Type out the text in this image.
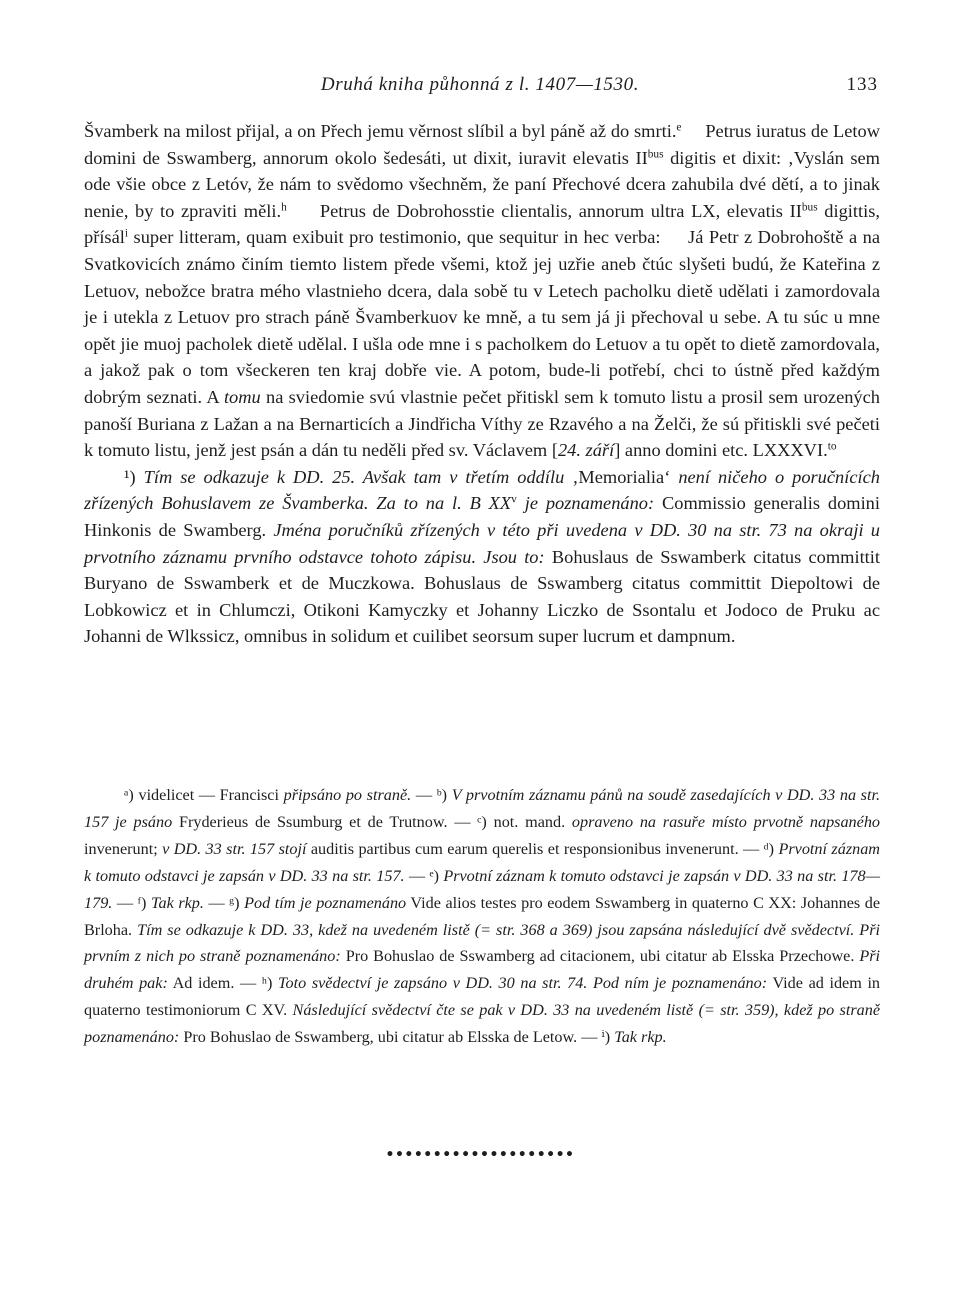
Druhá kniha půhonná z l. 1407—1530.	133

Švamberk na milost přijal, a on Přech jemu věrnost slíbil a byl páně až do smrti.$^e$ Petrus iuratus de Letow domini de Sswamberg, annorum okolo šedesáti, ut dixit, iuravit elevatis $II^{bus}$ digitis et dixit: ‚Vyslán sem ode všie obce z Letóv, že nám to svědomo všechněm, že paní Přechové dcera zahubila dvé dětí, a to jinak nenie, by to zpraviti měli.$^h$ Petrus de Dobrohosstie clientalis, annorum ultra LX, elevatis $II^{bus}$ digittis, přísál$^i$ super litteram, quam exibuit pro testimonio, que sequitur in hec verba: Já Petr z Dobrohoště a na Svatkovicích známo činím tiemto listem přede všemi, ktož jej uzřie aneb čtúc slyšeti budú, že Kateřina z Letuov, nebožce bratra mého vlastnieho dcera, dala sobě tu v Letech pacholku dietě udělati i zamordovala je i utekla z Letuov pro strach páně Švamberkuov ke mně, a tu sem já ji přechoval u sebe. A tu súc u mne opět jie muoj pacholek dietě udělal. I ušla ode mne i s pacholkem do Letuov a tu opět to dietě zamordovala, a jakož pak o tom všeckeren ten kraj dobře vie. A potom, bude-li potřebí, chci to ústně před každým dobrým seznati. A tomu na sviedomie svú vlastnie pečet přitiskl sem k tomuto listu a prosil sem urozených panoší Buriana z Lažan a na Bernarticích a Jindřicha Víthy ze Rzavého a na Želči, že sú přitiskli své pečeti k tomuto listu, jenž jest psán a dán tu neděli před sv. Václavem [24. září] anno domini etc. LXXXVI.$^{to}$

¹) Tím se odkazuje k DD. 25. Avšak tam v třetím oddílu ‚Memorialia‘ není ničeho o poručnících zřízených Bohuslavem ze Švamberka. Za to na l. B $XX^v$ je poznamenáno: Commissio generalis domini Hinkonis de Swamberg. Jména poručníků zřízených v této při uvedena v DD. 30 na str. 73 na okraji u prvotního záznamu prvního odstavce tohoto zápisu. Jsou to: Bohuslaus de Sswamberk citatus committit Buryano de Sswamberk et de Muczkowa. Bohuslaus de Sswamberg citatus committit Diepoltowi de Lobkowicz et in Chlumczi, Otikoni Kamyczky et Johanny Liczko de Ssontalu et Jodoco de Pruku ac Johanni de Wlkssicz, omnibus in solidum et cuilibet seorsum super lucrum et dampnum.

ᵃ) videlicet — Francisci připsáno po straně. — ᵇ) V prvotním záznamu pánů na soudě zasedajících v DD. 33 na str. 157 je psáno Fryderieus de Ssumburg et de Trutnow. — ᶜ) not. mand. opraveno na rasuře místo prvotně napsaného invenerunt; v DD. 33 str. 157 stojí auditis partibus cum earum querelis et responsionibus invenerunt. — ᵈ) Prvotní záznam k tomuto odstavci je zapsán v DD. 33 na str. 157. — ᵉ) Prvotní záznam k tomuto odstavci je zapsán v DD. 33 na str. 178—179. — ᶠ) Tak rkp. — ᵍ) Pod tím je poznamenáno Vide alios testes pro eodem Sswamberg in quaterno C XX: Johannes de Brloha. Tím se odkazuje k DD. 33, kdež na uvedeném listě (= str. 368 a 369) jsou zapsána následující dvě svědectví. Při prvním z nich po straně poznamenáno: Pro Bohuslao de Sswamberg ad citacionem, ubi citatur ab Elsska Przechowe. Při druhém pak: Ad idem. — ʰ) Toto svědectví je zapsáno v DD. 30 na str. 74. Pod ním je poznamenáno: Vide ad idem in quaterno testimoniorum C XV. Následující svědectví čte se pak v DD. 33 na uvedeném listě (= str. 359), kdež po straně poznamenáno: Pro Bohuslao de Sswamberg, ubi citatur ab Elsska de Letow. — ⁱ) Tak rkp.

••••••••••••••••••••
